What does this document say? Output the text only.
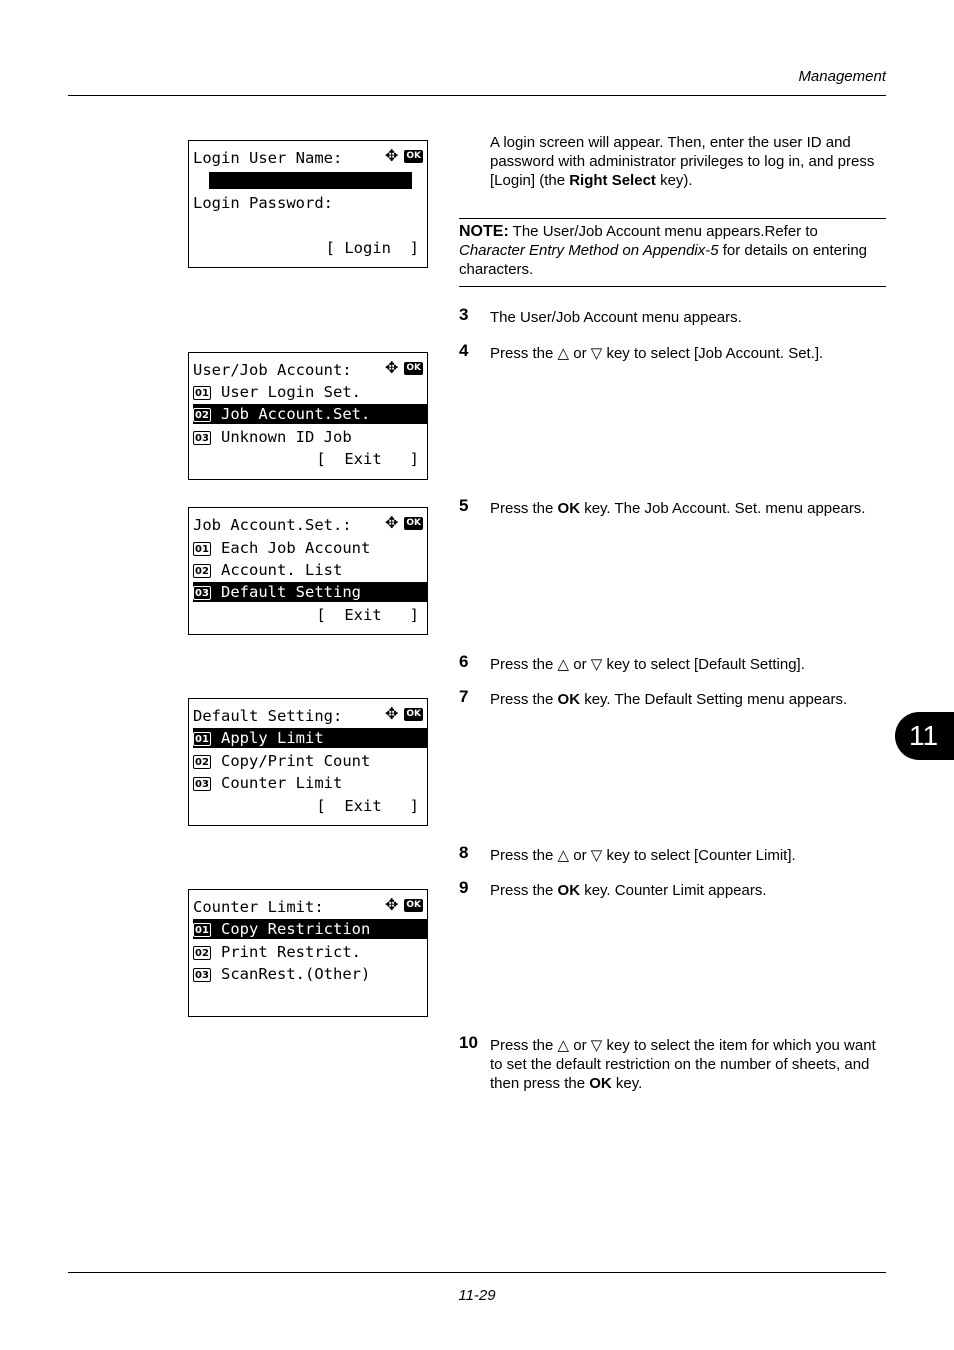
Management
11
Login User Name:	✥ OK
Login Password:
[ Login  ]
User/Job Account:	✥ OK
01 User Login Set.
02 Job Account.Set.
03 Unknown ID Job
[  Exit   ]
Job Account.Set.:	✥ OK
01 Each Job Account
02 Account. List
03 Default Setting
[  Exit   ]
Default Setting:	✥ OK
01 Apply Limit
02 Copy/Print Count
03 Counter Limit
[  Exit   ]
Counter Limit:	✥ OK
01 Copy Restriction
02 Print Restrict.
03 ScanRest.(Other)
A login screen will appear. Then, enter the user ID and password with administrator privileges to log in, and press [Login] (the Right Select key).
NOTE: The User/Job Account menu appears.Refer to Character Entry Method on Appendix-5 for details on entering characters.
3 The User/Job Account menu appears.
4 Press the △ or ▽ key to select [Job Account. Set.].
5 Press the OK key. The Job Account. Set. menu appears.
6 Press the △ or ▽ key to select [Default Setting].
7 Press the OK key. The Default Setting menu appears.
8 Press the △ or ▽ key to select [Counter Limit].
9 Press the OK key. Counter Limit appears.
10 Press the △ or ▽ key to select the item for which you want to set the default restriction on the number of sheets, and then press the OK key.
11-29
